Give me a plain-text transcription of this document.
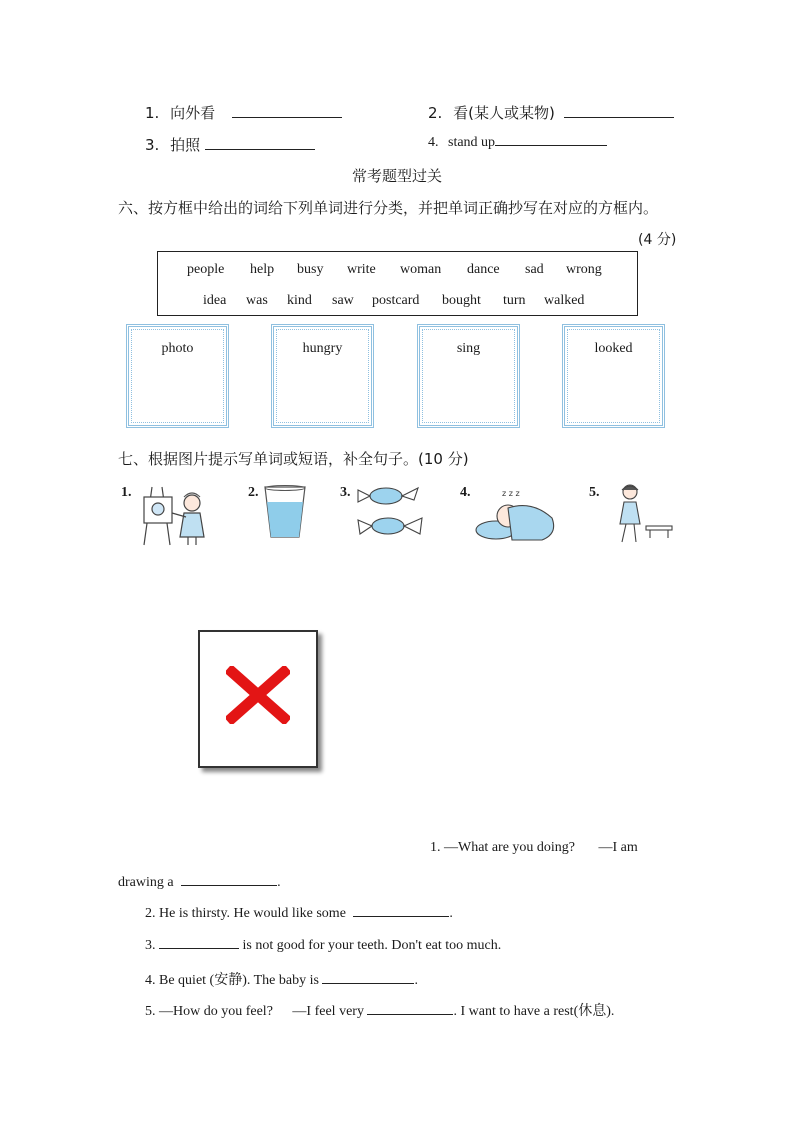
1. 向外看	2. 看(某人或某物)
3. 拍照	4. stand up
常考题型过关
六、按方框中给出的词给下列单词进行分类，并把单词正确抄写在对应的方框内。
(4 分)
people help busy write woman dance sad wrong
idea was kind saw postcard bought turn walked
photo	hungry	sing	looked
七、根据图片提示写单词或短语，补全句子。(10 分)
1.	2.	3.	4.	5.
z z z
1. —What are you doing? —I am
drawing a	.
2. He is thirsty. He would like some	.
3.	is not good for your teeth. Don't eat too much.
4. Be quiet (安静). The baby is	.
5. —How do you feel? —I feel very	. I want to have a rest(休息).
